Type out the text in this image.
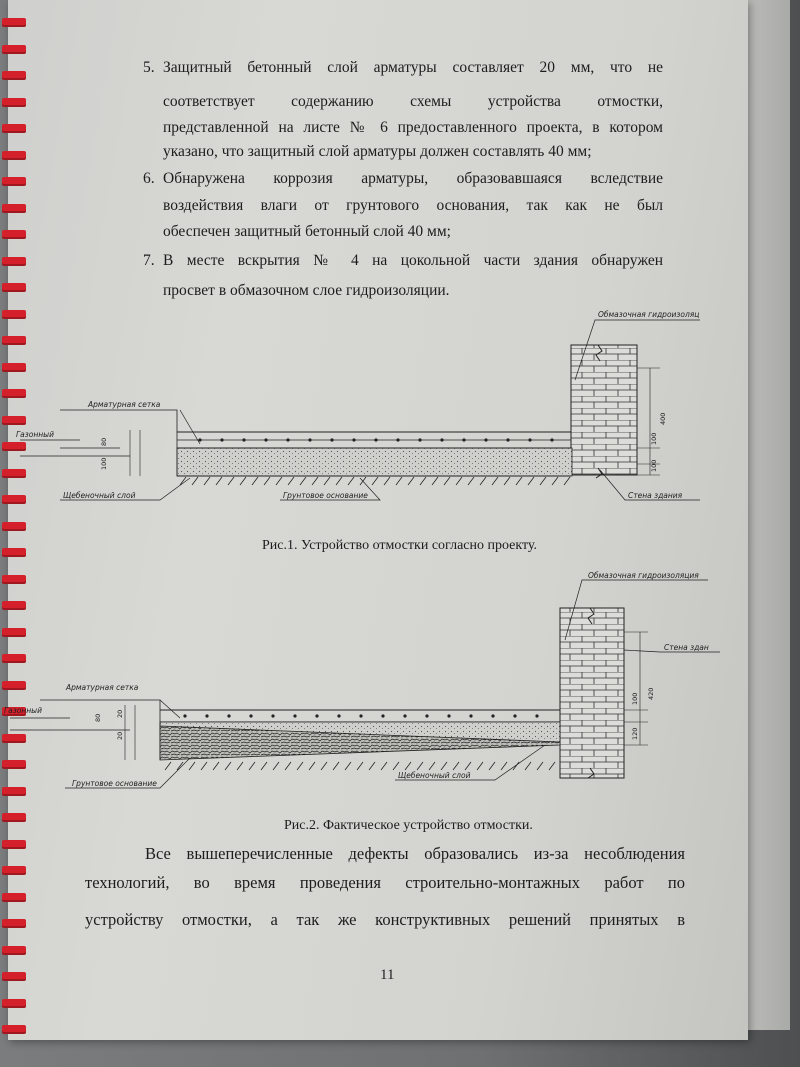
5. Защитный бетонный слой арматуры составляет 20 мм, что не
соответствует содержанию схемы устройства отмостки,
представленной на листе № 6 предоставленного проекта, в котором
указано, что защитный слой арматуры должен составлять 40 мм;
6. Обнаружена коррозия арматуры, образовавшаяся вследствие
воздействия влаги от грунтового основания, так как не был
обеспечен защитный бетонный слой 40 мм;
7. В месте вскрытия № 4 на цокольной части здания обнаружен
просвет в обмазочном слое гидроизоляции.
Обмазочная гидроизоляц
Арматурная сетка
Газонный
Щебеночный слой	Грунтовое основание	Стена здания
80
100	100
100
400
Обмазочная гидроизоляция
Стена здан
Арматурная сетка
Газонный
Грунтовое основание
Щебеночный слой
80 20
20
100
120
420
Рис.1. Устройство отмостки согласно проекту.
Рис.2. Фактическое устройство отмостки.
Все вышеперечисленные дефекты образовались из-за несоблюдения
технологий, во время проведения строительно-монтажных работ по
устройству отмостки, а так же конструктивных решений принятых в
11
